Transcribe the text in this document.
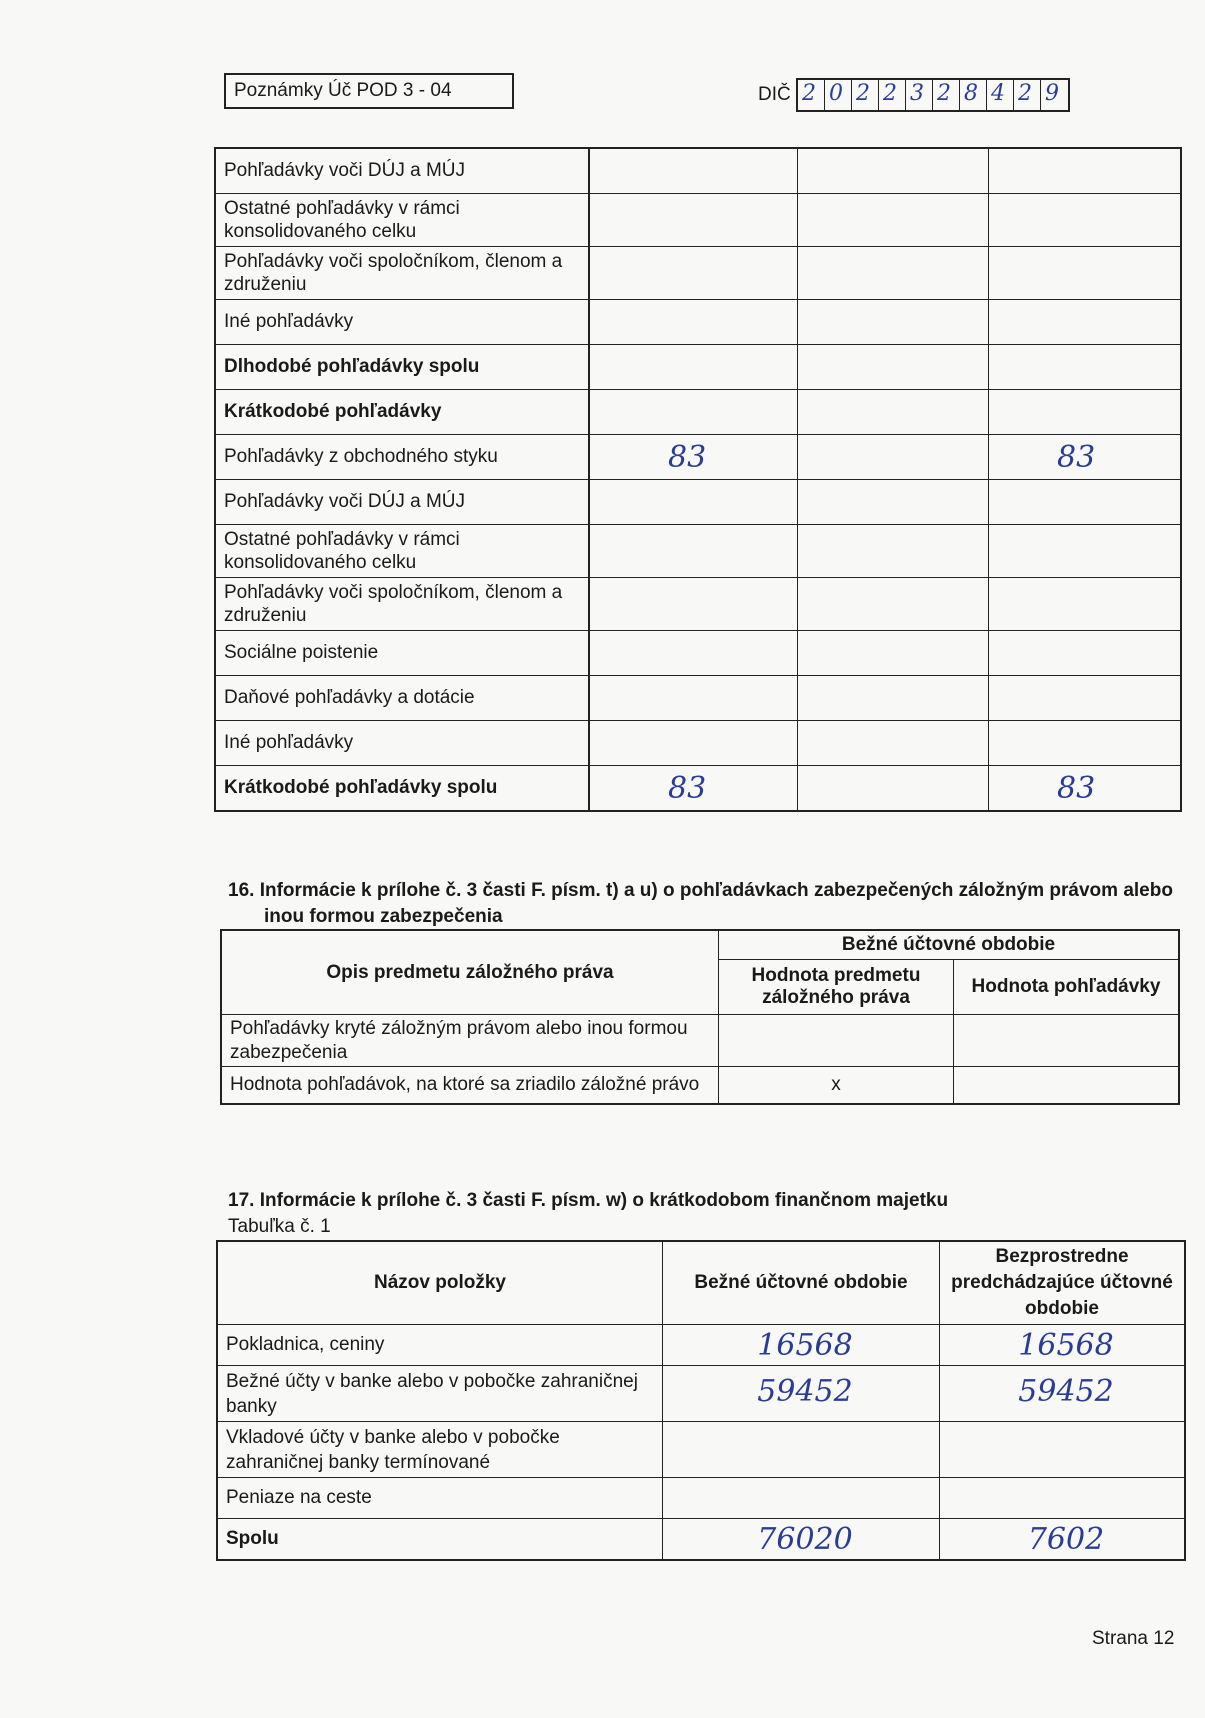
Poznámky Úč POD 3 - 04	DIČ 2 0 2 2 3 2 8 4 2 9
Pohľadávky voči DÚJ a MÚJ			
Ostatné pohľadávky v rámci konsolidovaného celku			
Pohľadávky voči spoločníkom, členom a združeniu			
Iné pohľadávky			
Dlhodobé pohľadávky spolu			
Krátkodobé pohľadávky			
Pohľadávky z obchodného styku	83		83
Pohľadávky voči DÚJ a MÚJ			
Ostatné pohľadávky v rámci konsolidovaného celku			
Pohľadávky voči spoločníkom, členom a združeniu			
Sociálne poistenie			
Daňové pohľadávky a dotácie			
Iné pohľadávky			
Krátkodobé pohľadávky spolu	83		83
16. Informácie k prílohe č. 3 časti F. písm. t) a u) o pohľadávkach zabezpečených záložným právom alebo
inou formou zabezpečenia
Opis predmetu záložného práva	Bežné účtovné obdobie	
	Hodnota predmetu záložného práva	Hodnota pohľadávky
Pohľadávky kryté záložným právom alebo inou formou zabezpečenia		
Hodnota pohľadávok, na ktoré sa zriadilo záložné právo	x	
17. Informácie k prílohe č. 3 časti F. písm. w) o krátkodobom finančnom majetku
Tabuľka č. 1
Názov položky	Bežné účtovné obdobie	Bezprostredne predchádzajúce účtovné obdobie
Pokladnica, ceniny	16568	16568
Bežné účty v banke alebo v pobočke zahraničnej banky	59452	59452
Vkladové účty v banke alebo v pobočke zahraničnej banky termínované		
Peniaze na ceste		
Spolu	76020	7602
Strana 12
